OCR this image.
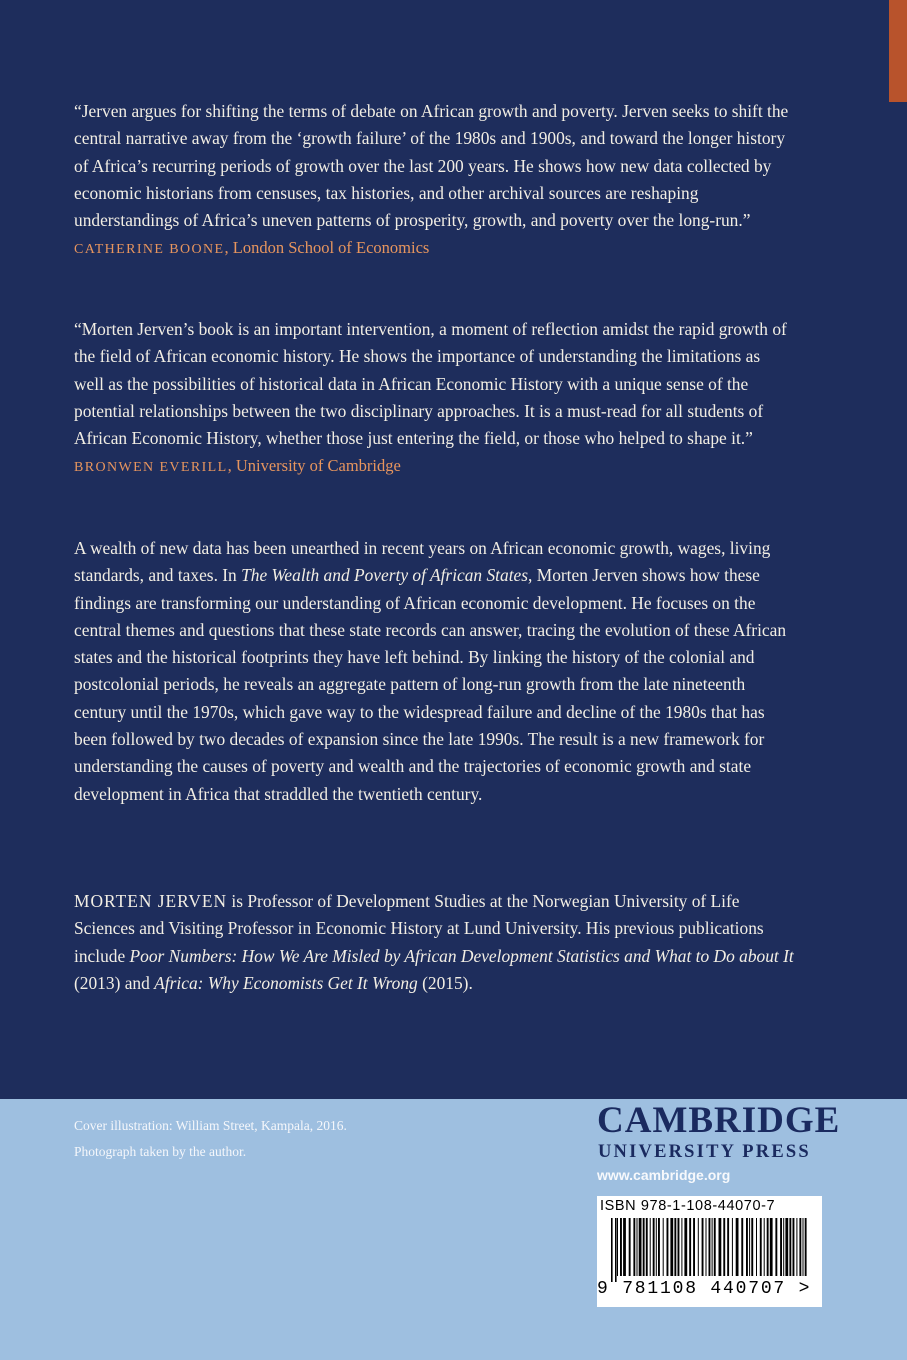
“Jerven argues for shifting the terms of debate on African growth and poverty. Jerven seeks to shift the central narrative away from the ‘growth failure’ of the 1980s and 1900s, and toward the longer history of Africa’s recurring periods of growth over the last 200 years. He shows how new data collected by economic historians from censuses, tax histories, and other archival sources are reshaping understandings of Africa’s uneven patterns of prosperity, growth, and poverty over the long-run.”

CATHERINE BOONE, London School of Economics

“Morten Jerven’s book is an important intervention, a moment of reflection amidst the rapid growth of the field of African economic history. He shows the importance of understanding the limitations as well as the possibilities of historical data in African Economic History with a unique sense of the potential relationships between the two disciplinary approaches. It is a must-read for all students of African Economic History, whether those just entering the field, or those who helped to shape it.”

BRONWEN EVERILL, University of Cambridge

A wealth of new data has been unearthed in recent years on African economic growth, wages, living standards, and taxes. In The Wealth and Poverty of African States, Morten Jerven shows how these findings are transforming our understanding of African economic development. He focuses on the central themes and questions that these state records can answer, tracing the evolution of these African states and the historical footprints they have left behind. By linking the history of the colonial and postcolonial periods, he reveals an aggregate pattern of long-run growth from the late nineteenth century until the 1970s, which gave way to the widespread failure and decline of the 1980s that has been followed by two decades of expansion since the late 1990s. The result is a new framework for understanding the causes of poverty and wealth and the trajectories of economic growth and state development in Africa that straddled the twentieth century.

MORTEN JERVEN is Professor of Development Studies at the Norwegian University of Life Sciences and Visiting Professor in Economic History at Lund University. His previous publications include Poor Numbers: How We Are Misled by African Development Statistics and What to Do about It (2013) and Africa: Why Economists Get It Wrong (2015).

Cover illustration: William Street, Kampala, 2016.
Photograph taken by the author.
CAMBRIDGE
UNIVERSITY PRESS
www.cambridge.org
ISBN 978-1-108-44070-7
9 781108 440707 >
